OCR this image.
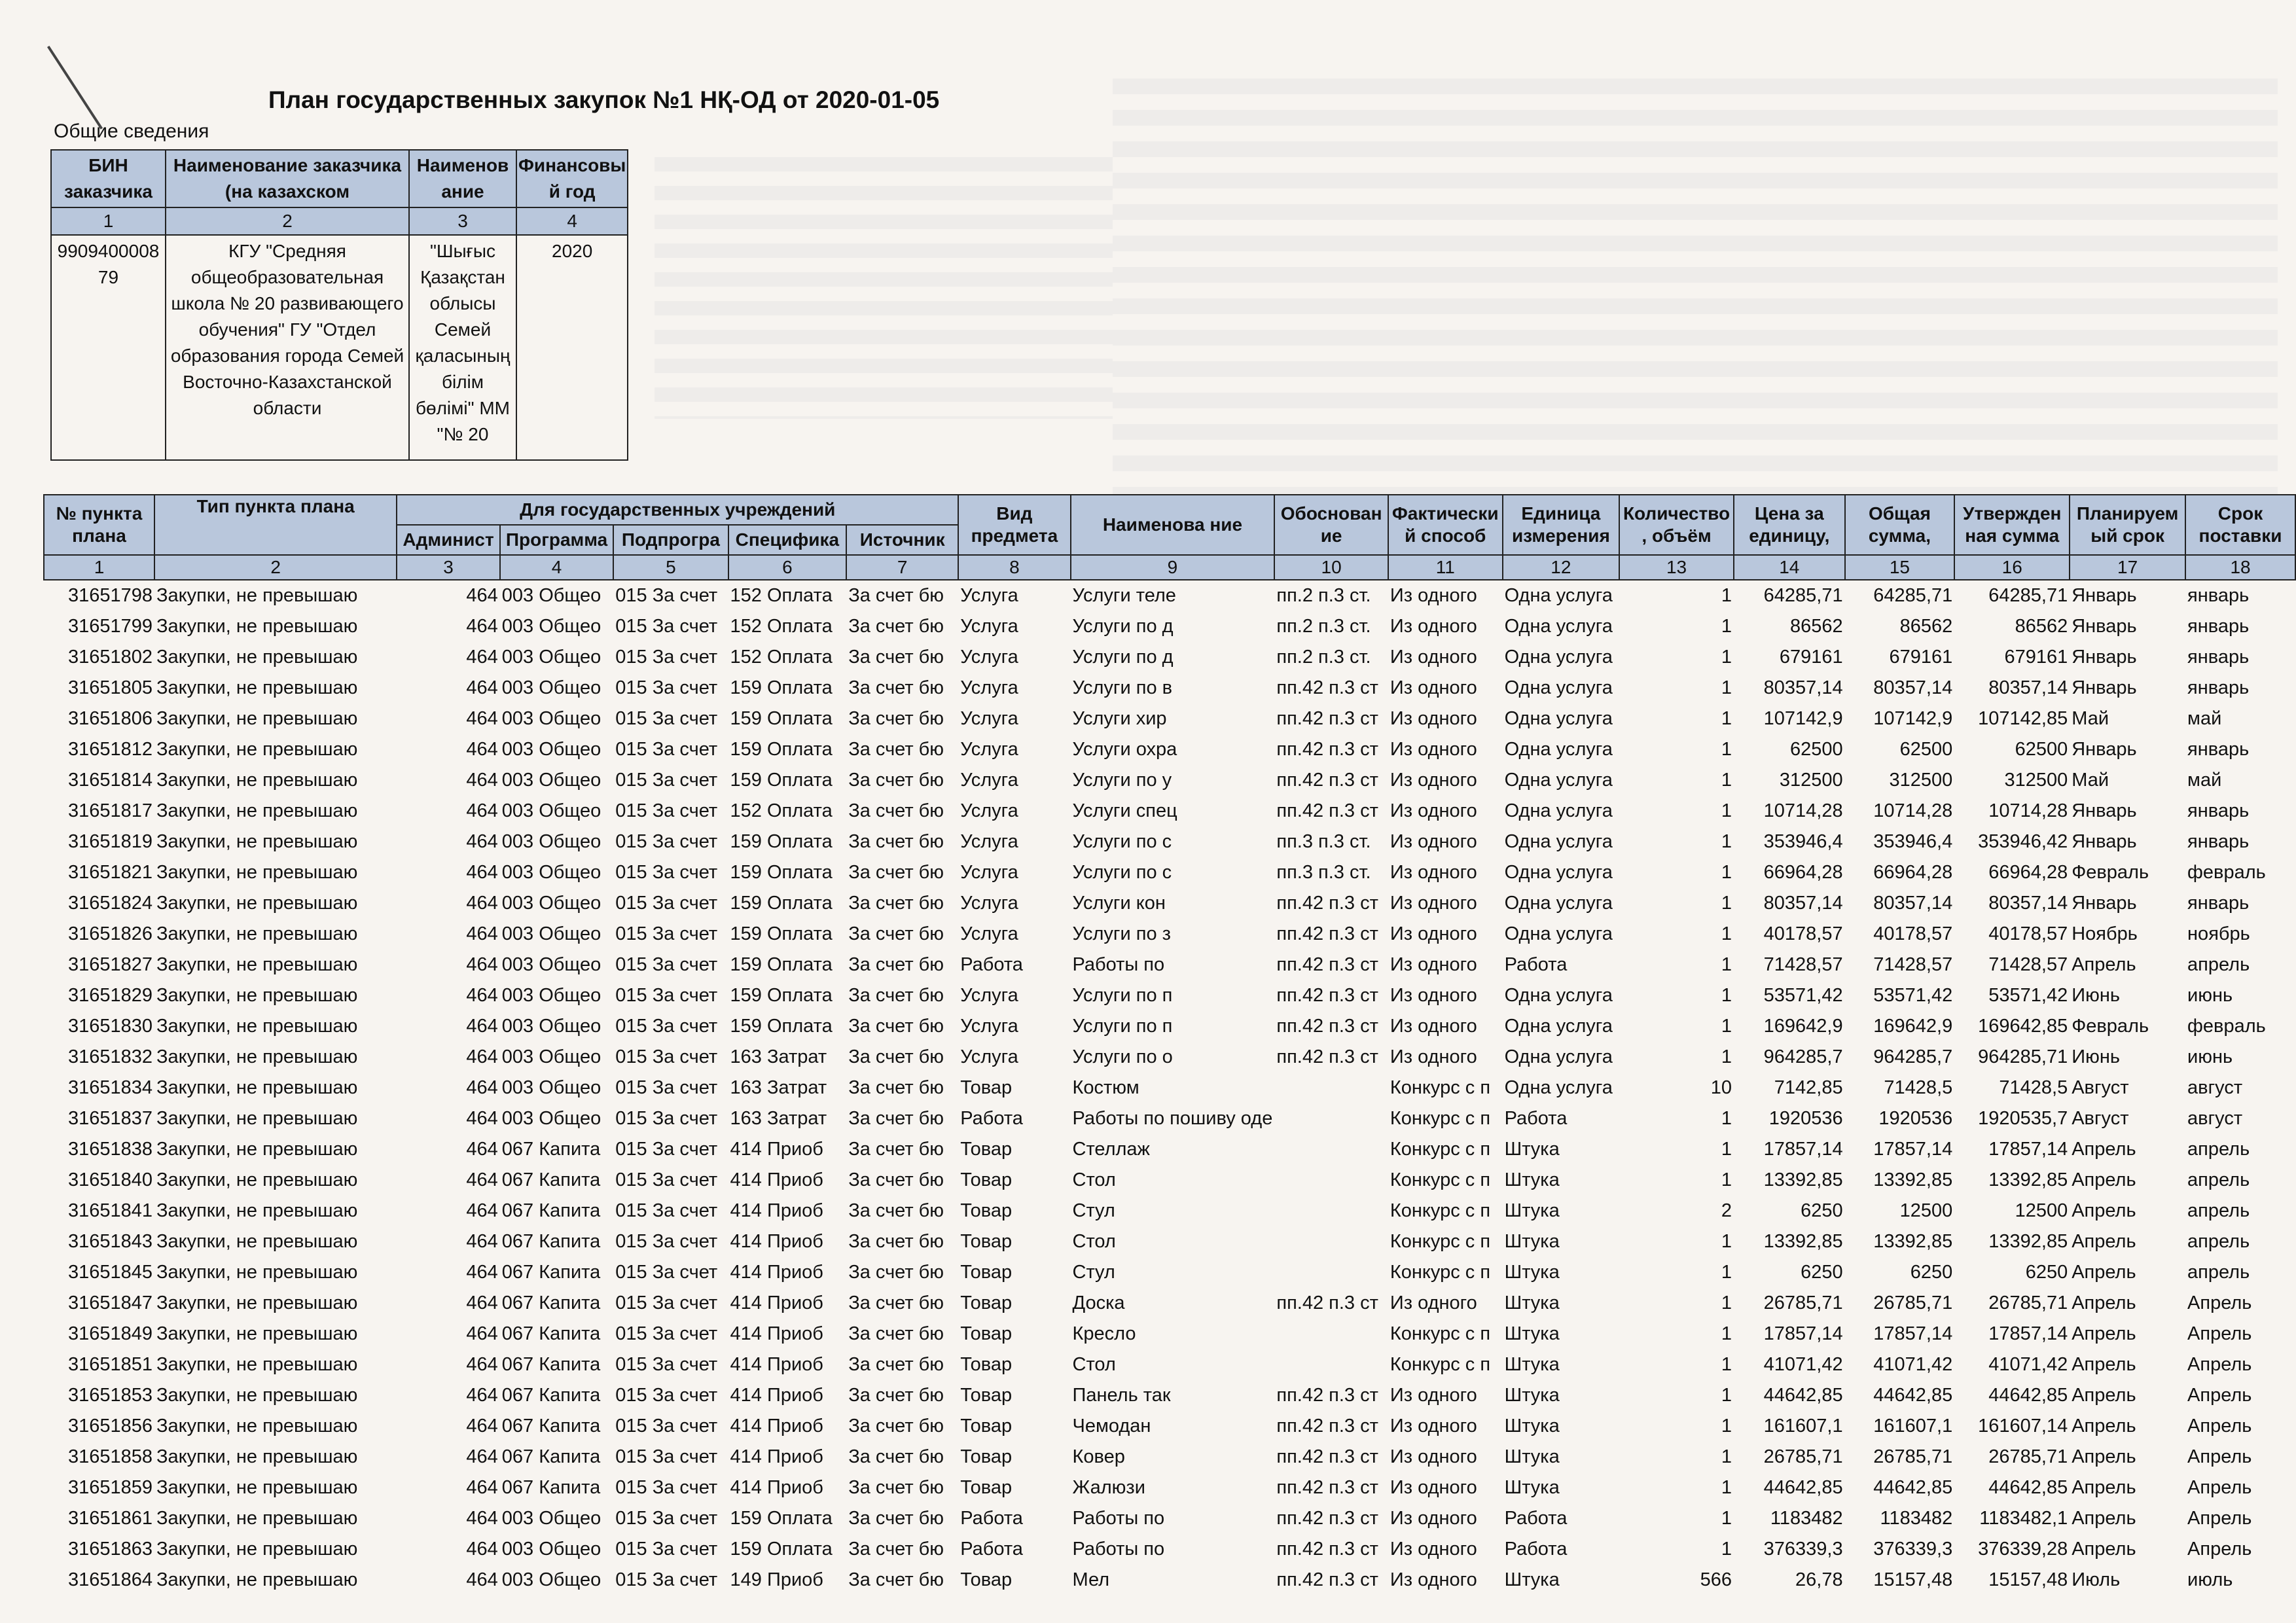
План государственных закупок №1 НҚ-ОД от 2020-01-05
Общие сведения
БИН заказчика	Наименование заказчика (на казахском	Наименов ание	Финансовы й год
1	2	3	4
990940000879	КГУ "Средняя общеобразовательная школа № 20 развивающего обучения" ГУ "Отдел образования города Семей Восточно-Казахстанской области	"Шығыс Қазақстан облысы Семей қаласының білім бөлімі" ММ "№ 20	2020
№ пункта плана	Тип пункта плана	Для государственных учреждений					Вид предмета	Наименова ние	Обоснован ие	Фактически й способ	Единица измерения	Количество , объём	Цена за единицу,	Общая сумма,	Утвержден ная сумма	Планируем ый срок	Срок поставки
		Админист	Программа	Подпрогра	Специфика	Источник											
1	2	3	4	5	6	7	8	9	10	11	12	13	14	15	16	17	18
31651798	Закупки, не превышаю	464	003 Общео	015 За счет	152 Оплата	За счет бю	Услуга	Услуги теле	пп.2 п.3 ст.	Из одного	Одна услуга	1	64285,71	64285,71	64285,71	Январь	январь
31651799	Закупки, не превышаю	464	003 Общео	015 За счет	152 Оплата	За счет бю	Услуга	Услуги по д	пп.2 п.3 ст.	Из одного	Одна услуга	1	86562	86562	86562	Январь	январь
31651802	Закупки, не превышаю	464	003 Общео	015 За счет	152 Оплата	За счет бю	Услуга	Услуги по д	пп.2 п.3 ст.	Из одного	Одна услуга	1	679161	679161	679161	Январь	январь
31651805	Закупки, не превышаю	464	003 Общео	015 За счет	159 Оплата	За счет бю	Услуга	Услуги по в	пп.42 п.3 ст	Из одного	Одна услуга	1	80357,14	80357,14	80357,14	Январь	январь
31651806	Закупки, не превышаю	464	003 Общео	015 За счет	159 Оплата	За счет бю	Услуга	Услуги хир	пп.42 п.3 ст	Из одного	Одна услуга	1	107142,9	107142,9	107142,85	Май	май
31651812	Закупки, не превышаю	464	003 Общео	015 За счет	159 Оплата	За счет бю	Услуга	Услуги охра	пп.42 п.3 ст	Из одного	Одна услуга	1	62500	62500	62500	Январь	январь
31651814	Закупки, не превышаю	464	003 Общео	015 За счет	159 Оплата	За счет бю	Услуга	Услуги по у	пп.42 п.3 ст	Из одного	Одна услуга	1	312500	312500	312500	Май	май
31651817	Закупки, не превышаю	464	003 Общео	015 За счет	152 Оплата	За счет бю	Услуга	Услуги спец	пп.42 п.3 ст	Из одного	Одна услуга	1	10714,28	10714,28	10714,28	Январь	январь
31651819	Закупки, не превышаю	464	003 Общео	015 За счет	159 Оплата	За счет бю	Услуга	Услуги по с	пп.3 п.3 ст.	Из одного	Одна услуга	1	353946,4	353946,4	353946,42	Январь	январь
31651821	Закупки, не превышаю	464	003 Общео	015 За счет	159 Оплата	За счет бю	Услуга	Услуги по с	пп.3 п.3 ст.	Из одного	Одна услуга	1	66964,28	66964,28	66964,28	Февраль	февраль
31651824	Закупки, не превышаю	464	003 Общео	015 За счет	159 Оплата	За счет бю	Услуга	Услуги кон	пп.42 п.3 ст	Из одного	Одна услуга	1	80357,14	80357,14	80357,14	Январь	январь
31651826	Закупки, не превышаю	464	003 Общео	015 За счет	159 Оплата	За счет бю	Услуга	Услуги по з	пп.42 п.3 ст	Из одного	Одна услуга	1	40178,57	40178,57	40178,57	Ноябрь	ноябрь
31651827	Закупки, не превышаю	464	003 Общео	015 За счет	159 Оплата	За счет бю	Работа	Работы по	пп.42 п.3 ст	Из одного	Работа	1	71428,57	71428,57	71428,57	Апрель	апрель
31651829	Закупки, не превышаю	464	003 Общео	015 За счет	159 Оплата	За счет бю	Услуга	Услуги по п	пп.42 п.3 ст	Из одного	Одна услуга	1	53571,42	53571,42	53571,42	Июнь	июнь
31651830	Закупки, не превышаю	464	003 Общео	015 За счет	159 Оплата	За счет бю	Услуга	Услуги по п	пп.42 п.3 ст	Из одного	Одна услуга	1	169642,9	169642,9	169642,85	Февраль	февраль
31651832	Закупки, не превышаю	464	003 Общео	015 За счет	163 Затрат	За счет бю	Услуга	Услуги по о	пп.42 п.3 ст	Из одного	Одна услуга	1	964285,7	964285,7	964285,71	Июнь	июнь
31651834	Закупки, не превышаю	464	003 Общео	015 За счет	163 Затрат	За счет бю	Товар	Костюм		Конкурс с п	Одна услуга	10	7142,85	71428,5	71428,5	Август	август
31651837	Закупки, не превышаю	464	003 Общео	015 За счет	163 Затрат	За счет бю	Работа	Работы по пошиву оде		Конкурс с п	Работа	1	1920536	1920536	1920535,7	Август	август
31651838	Закупки, не превышаю	464	067 Капита	015 За счет	414 Приоб	За счет бю	Товар	Стеллаж		Конкурс с п	Штука	1	17857,14	17857,14	17857,14	Апрель	апрель
31651840	Закупки, не превышаю	464	067 Капита	015 За счет	414 Приоб	За счет бю	Товар	Стол		Конкурс с п	Штука	1	13392,85	13392,85	13392,85	Апрель	апрель
31651841	Закупки, не превышаю	464	067 Капита	015 За счет	414 Приоб	За счет бю	Товар	Стул		Конкурс с п	Штука	2	6250	12500	12500	Апрель	апрель
31651843	Закупки, не превышаю	464	067 Капита	015 За счет	414 Приоб	За счет бю	Товар	Стол		Конкурс с п	Штука	1	13392,85	13392,85	13392,85	Апрель	апрель
31651845	Закупки, не превышаю	464	067 Капита	015 За счет	414 Приоб	За счет бю	Товар	Стул		Конкурс с п	Штука	1	6250	6250	6250	Апрель	апрель
31651847	Закупки, не превышаю	464	067 Капита	015 За счет	414 Приоб	За счет бю	Товар	Доска	пп.42 п.3 ст	Из одного	Штука	1	26785,71	26785,71	26785,71	Апрель	Апрель
31651849	Закупки, не превышаю	464	067 Капита	015 За счет	414 Приоб	За счет бю	Товар	Кресло		Конкурс с п	Штука	1	17857,14	17857,14	17857,14	Апрель	Апрель
31651851	Закупки, не превышаю	464	067 Капита	015 За счет	414 Приоб	За счет бю	Товар	Стол		Конкурс с п	Штука	1	41071,42	41071,42	41071,42	Апрель	Апрель
31651853	Закупки, не превышаю	464	067 Капита	015 За счет	414 Приоб	За счет бю	Товар	Панель так	пп.42 п.3 ст	Из одного	Штука	1	44642,85	44642,85	44642,85	Апрель	Апрель
31651856	Закупки, не превышаю	464	067 Капита	015 За счет	414 Приоб	За счет бю	Товар	Чемодан	пп.42 п.3 ст	Из одного	Штука	1	161607,1	161607,1	161607,14	Апрель	Апрель
31651858	Закупки, не превышаю	464	067 Капита	015 За счет	414 Приоб	За счет бю	Товар	Ковер	пп.42 п.3 ст	Из одного	Штука	1	26785,71	26785,71	26785,71	Апрель	Апрель
31651859	Закупки, не превышаю	464	067 Капита	015 За счет	414 Приоб	За счет бю	Товар	Жалюзи	пп.42 п.3 ст	Из одного	Штука	1	44642,85	44642,85	44642,85	Апрель	Апрель
31651861	Закупки, не превышаю	464	003 Общео	015 За счет	159 Оплата	За счет бю	Работа	Работы по	пп.42 п.3 ст	Из одного	Работа	1	1183482	1183482	1183482,1	Апрель	Апрель
31651863	Закупки, не превышаю	464	003 Общео	015 За счет	159 Оплата	За счет бю	Работа	Работы по	пп.42 п.3 ст	Из одного	Работа	1	376339,3	376339,3	376339,28	Апрель	Апрель
31651864	Закупки, не превышаю	464	003 Общео	015 За счет	149 Приоб	За счет бю	Товар	Мел	пп.42 п.3 ст	Из одного	Штука	566	26,78	15157,48	15157,48	Июль	июль
